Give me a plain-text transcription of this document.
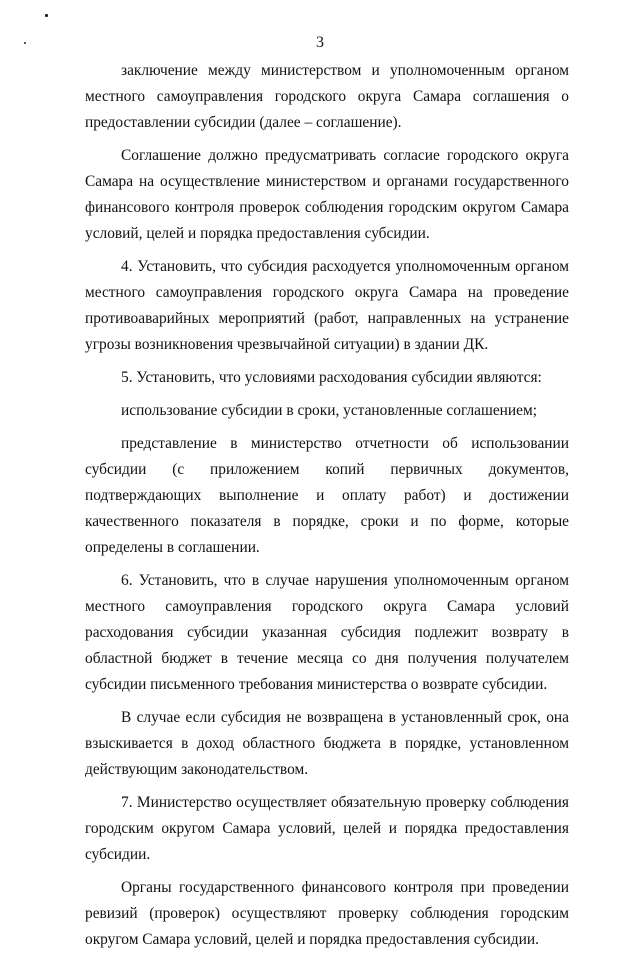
3

заключение между министерством и уполномоченным органом местного самоуправления городского округа Самара соглашения о предоставлении субсидии (далее – соглашение).

Соглашение должно предусматривать согласие городского округа Самара на осуществление министерством и органами государственного финансового контроля проверок соблюдения городским округом Самара условий, целей и порядка предоставления субсидии.

4. Установить, что субсидия расходуется уполномоченным органом местного самоуправления городского округа Самара на проведение противоаварийных мероприятий (работ, направленных на устранение угрозы возникновения чрезвычайной ситуации) в здании ДК.

5. Установить, что условиями расходования субсидии являются:

использование субсидии в сроки, установленные соглашением;

представление в министерство отчетности об использовании субсидии (с приложением копий первичных документов, подтверждающих выполнение и оплату работ) и достижении качественного показателя в порядке, сроки и по форме, которые определены в соглашении.

6. Установить, что в случае нарушения уполномоченным органом местного самоуправления городского округа Самара условий расходования субсидии указанная субсидия подлежит возврату в областной бюджет в течение месяца со дня получения получателем субсидии письменного требования министерства о возврате субсидии.

В случае если субсидия не возвращена в установленный срок, она взыскивается в доход областного бюджета в порядке, установленном действующим законодательством.

7. Министерство осуществляет обязательную проверку соблюдения городским округом Самара условий, целей и порядка предоставления субсидии.

Органы государственного финансового контроля при проведении ревизий (проверок) осуществляют проверку соблюдения городским округом Самара условий, целей и порядка предоставления субсидии.
